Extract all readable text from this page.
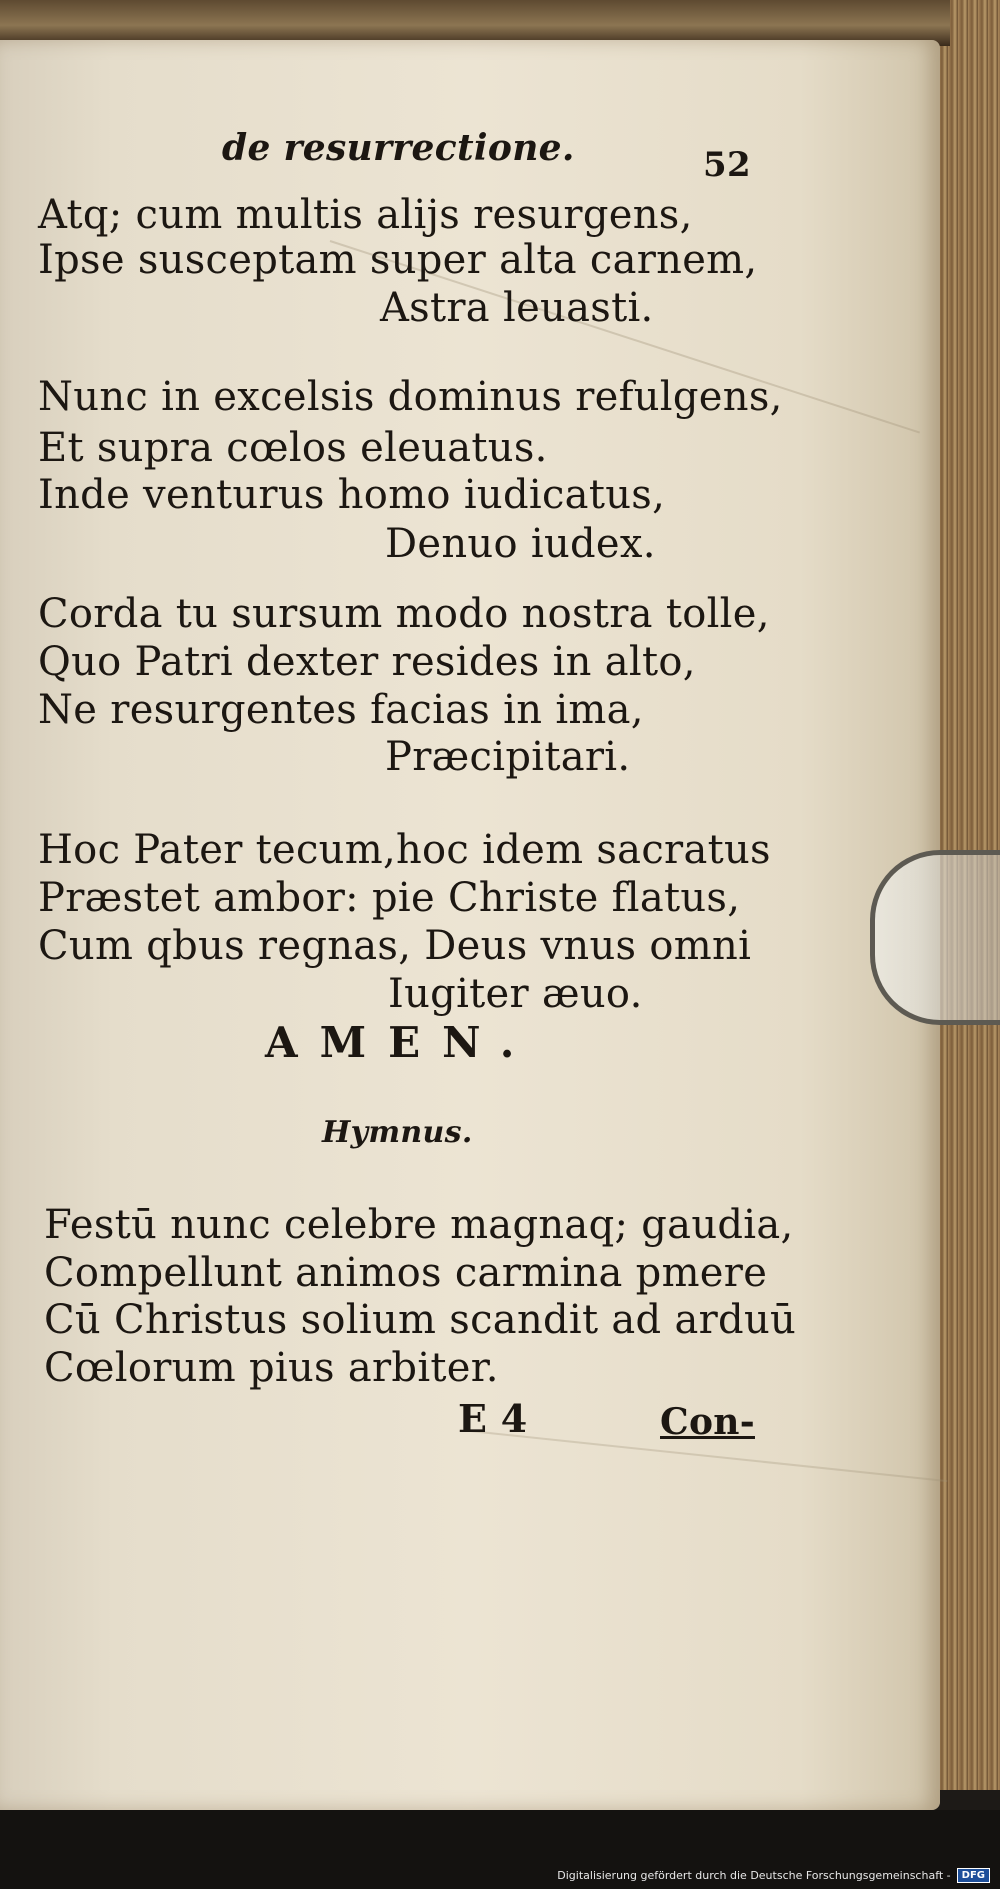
de resurrectione.	52
Atq; cum multis alijs resurgens,
Ipse susceptam super alta carnem,
Astra leuasti.
Nunc in excelsis dominus refulgens,
Et supra cœlos eleuatus.
Inde venturus homo iudicatus,
Denuo iudex.
Corda tu sursum modo nostra tolle,
Quo Patri dexter resides in alto,
Ne resurgentes facias in ima,
Præcipitari.
Hoc Pater tecum,hoc idem sacratus
Præstet ambor: pie Christe flatus,
Cum qbus regnas, Deus vnus omni
Iugiter æuo.
AMEN.
Hymnus.
Festū nunc celebre magnaq; gaudia,
Compellunt animos carmina pmere
Cū Christus solium scandit ad arduū
Cœlorum pius arbiter.
E 4	Con-
Digitalisierung gefördert durch die Deutsche Forschungsgemeinschaft -	DFG
